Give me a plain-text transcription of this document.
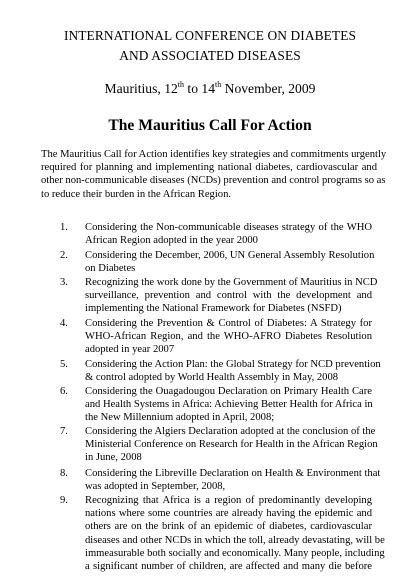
INTERNATIONAL CONFERENCE ON DIABETES
AND ASSOCIATED DISEASES
Mauritius, 12th to 14th November, 2009
The Mauritius Call For Action
The Mauritius Call for Action identifies key strategies and commitments urgently
required for planning and implementing national diabetes, cardiovascular and
other non-communicable diseases (NCDs) prevention and control programs so as
to reduce their burden in the African Region.
1.	Considering the Non-communicable diseases strategy of the WHO
African Region adopted in the year 2000
2.	Considering the December, 2006, UN General Assembly Resolution
on Diabetes
3.	Recognizing the work done by the Government of Mauritius in NCD
surveillance, prevention and control with the development and
implementing the National Framework for Diabetes (NSFD)
4.	Considering the Prevention & Control of Diabetes: A Strategy for
WHO-African Region, and the WHO-AFRO Diabetes Resolution
adopted in year 2007
5.	Considering the Action Plan: the Global Strategy for NCD prevention
& control adopted by World Health Assembly in May, 2008
6.	Considering the Ouagadougou Declaration on Primary Health Care
and Health Systems in Africa: Achieving Better Health for Africa in
the New Millennium adopted in April, 2008;
7.	Considering the Algiers Declaration adopted at the conclusion of the
Ministerial Conference on Research for Health in the African Region
in June, 2008
8.	Considering the Libreville Declaration on Health & Environment that
was adopted in September, 2008,
9.	Recognizing that Africa is a region of predominantly developing
nations where some countries are already having the epidemic and
others are on the brink of an epidemic of diabetes, cardiovascular
diseases and other NCDs in which the toll, already devastating, will be
immeasurable both socially and economically. Many people, including
a significant number of children, are affected and many die before
